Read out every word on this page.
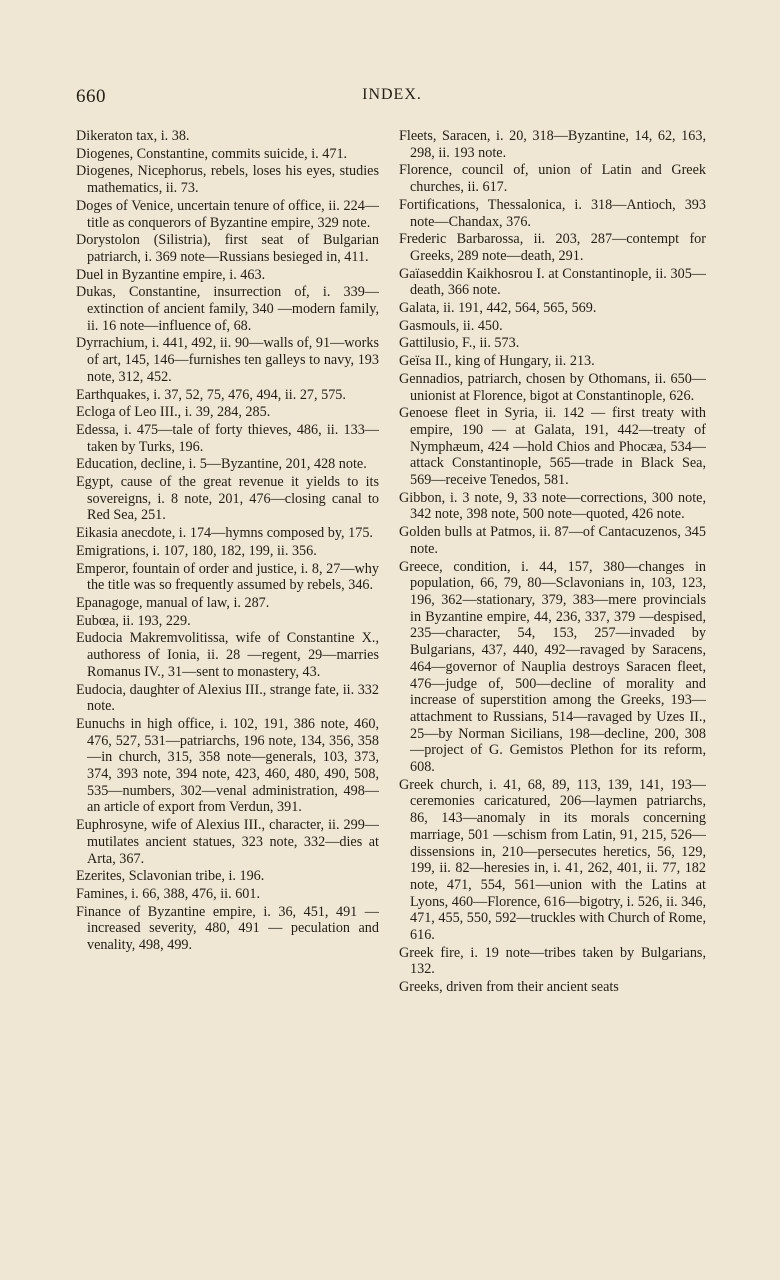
660	INDEX.
Dikeraton tax, i. 38.
Diogenes, Constantine, commits suicide, i. 471.
Diogenes, Nicephorus, rebels, loses his eyes, studies mathematics, ii. 73.
Doges of Venice, uncertain tenure of office, ii. 224—title as conquerors of Byzantine empire, 329 note.
Dorystolon (Silistria), first seat of Bulgarian patriarch, i. 369 note—Russians besieged in, 411.
Duel in Byzantine empire, i. 463.
Dukas, Constantine, insurrection of, i. 339—extinction of ancient family, 340 —modern family, ii. 16 note—influence of, 68.
Dyrrachium, i. 441, 492, ii. 90—walls of, 91—works of art, 145, 146—furnishes ten galleys to navy, 193 note, 312, 452.
Earthquakes, i. 37, 52, 75, 476, 494, ii. 27, 575.
Ecloga of Leo III., i. 39, 284, 285.
Edessa, i. 475—tale of forty thieves, 486, ii. 133—taken by Turks, 196.
Education, decline, i. 5—Byzantine, 201, 428 note.
Egypt, cause of the great revenue it yields to its sovereigns, i. 8 note, 201, 476—closing canal to Red Sea, 251.
Eikasia anecdote, i. 174—hymns composed by, 175.
Emigrations, i. 107, 180, 182, 199, ii. 356.
Emperor, fountain of order and justice, i. 8, 27—why the title was so frequently assumed by rebels, 346.
Epanagoge, manual of law, i. 287.
Eubœa, ii. 193, 229.
Eudocia Makremvolitissa, wife of Constantine X., authoress of Ionia, ii. 28 —regent, 29—marries Romanus IV., 31—sent to monastery, 43.
Eudocia, daughter of Alexius III., strange fate, ii. 332 note.
Eunuchs in high office, i. 102, 191, 386 note, 460, 476, 527, 531—patriarchs, 196 note, 134, 356, 358—in church, 315, 358 note—generals, 103, 373, 374, 393 note, 394 note, 423, 460, 480, 490, 508, 535—numbers, 302—venal administration, 498—an article of export from Verdun, 391.
Euphrosyne, wife of Alexius III., character, ii. 299—mutilates ancient statues, 323 note, 332—dies at Arta, 367.
Ezerites, Sclavonian tribe, i. 196.
Famines, i. 66, 388, 476, ii. 601.
Finance of Byzantine empire, i. 36, 451, 491 — increased severity, 480, 491 — peculation and venality, 498, 499.
Fleets, Saracen, i. 20, 318—Byzantine, 14, 62, 163, 298, ii. 193 note.
Florence, council of, union of Latin and Greek churches, ii. 617.
Fortifications, Thessalonica, i. 318—Antioch, 393 note—Chandax, 376.
Frederic Barbarossa, ii. 203, 287—contempt for Greeks, 289 note—death, 291.
Gaïaseddin Kaikhosrou I. at Constantinople, ii. 305—death, 366 note.
Galata, ii. 191, 442, 564, 565, 569.
Gasmouls, ii. 450.
Gattilusio, F., ii. 573.
Geïsa II., king of Hungary, ii. 213.
Gennadios, patriarch, chosen by Othomans, ii. 650—unionist at Florence, bigot at Constantinople, 626.
Genoese fleet in Syria, ii. 142 — first treaty with empire, 190 — at Galata, 191, 442—treaty of Nymphæum, 424 —hold Chios and Phocæa, 534—attack Constantinople, 565—trade in Black Sea, 569—receive Tenedos, 581.
Gibbon, i. 3 note, 9, 33 note—corrections, 300 note, 342 note, 398 note, 500 note—quoted, 426 note.
Golden bulls at Patmos, ii. 87—of Cantacuzenos, 345 note.
Greece, condition, i. 44, 157, 380—changes in population, 66, 79, 80—Sclavonians in, 103, 123, 196, 362—stationary, 379, 383—mere provincials in Byzantine empire, 44, 236, 337, 379 —despised, 235—character, 54, 153, 257—invaded by Bulgarians, 437, 440, 492—ravaged by Saracens, 464—governor of Nauplia destroys Saracen fleet, 476—judge of, 500—decline of morality and increase of superstition among the Greeks, 193—attachment to Russians, 514—ravaged by Uzes II., 25—by Norman Sicilians, 198—decline, 200, 308—project of G. Gemistos Plethon for its reform, 608.
Greek church, i. 41, 68, 89, 113, 139, 141, 193—ceremonies caricatured, 206—laymen patriarchs, 86, 143—anomaly in its morals concerning marriage, 501 —schism from Latin, 91, 215, 526—dissensions in, 210—persecutes heretics, 56, 129, 199, ii. 82—heresies in, i. 41, 262, 401, ii. 77, 182 note, 471, 554, 561—union with the Latins at Lyons, 460—Florence, 616—bigotry, i. 526, ii. 346, 471, 455, 550, 592—truckles with Church of Rome, 616.
Greek fire, i. 19 note—tribes taken by Bulgarians, 132.
Greeks, driven from their ancient seats
